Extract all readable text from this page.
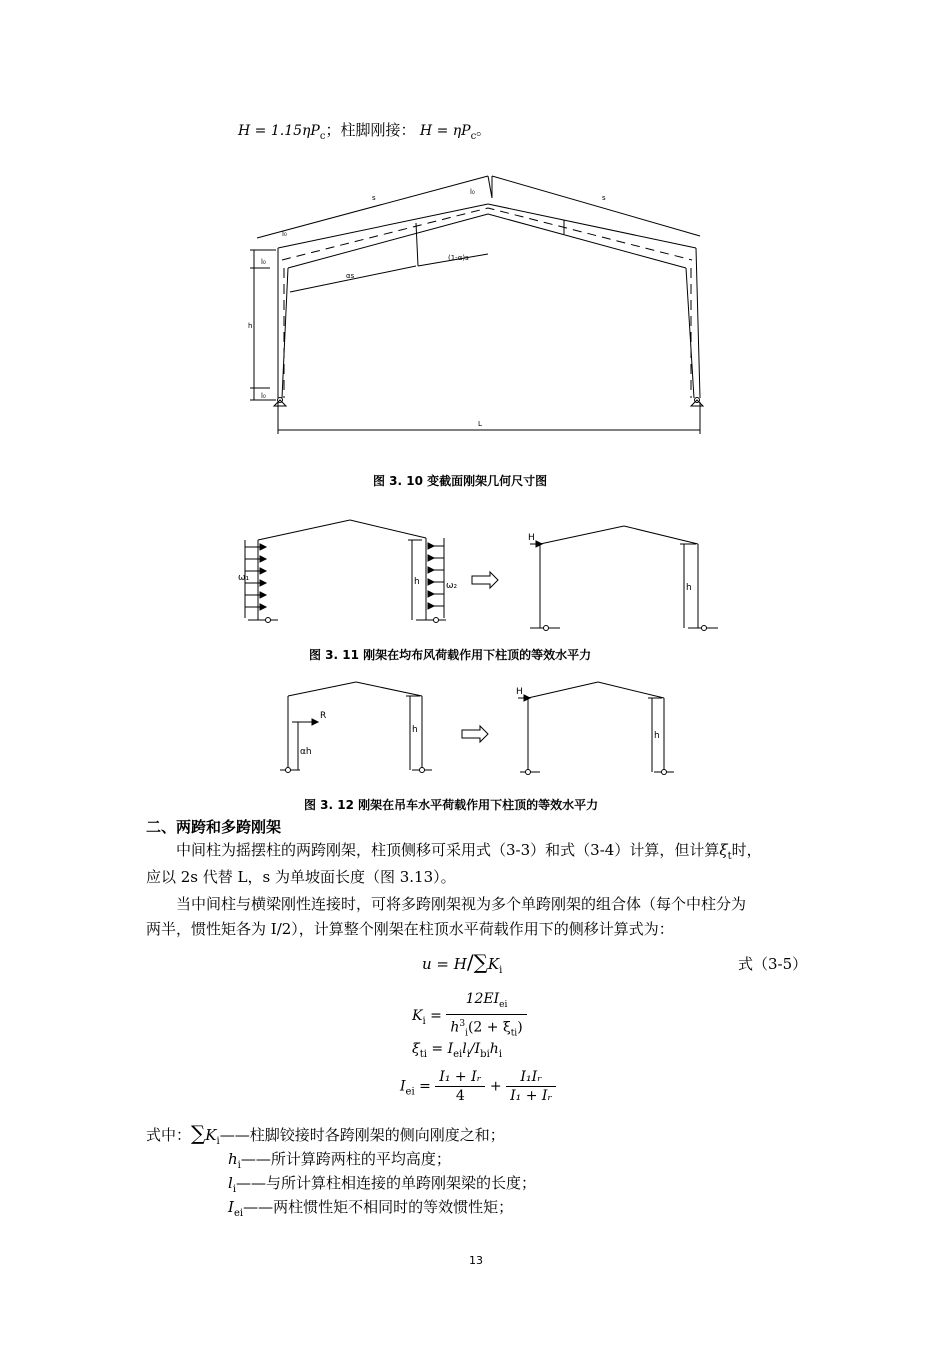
$H = 1.15\eta P_c$；柱脚刚接： $H = \eta P_c$。
s	s
l₀
l₀
l₀
l₀
h
αs
(1-α)s
L
图 3. 10 变截面刚架几何尺寸图
ω₁
ω₂
h
h
H
图 3. 11 刚架在均布风荷载作用下柱顶的等效水平力
R
αh
h
h
H
图 3. 12 刚架在吊车水平荷载作用下柱顶的等效水平力
二、两跨和多跨刚架
中间柱为摇摆柱的两跨刚架，柱顶侧移可采用式（3-3）和式（3-4）计算，但计算$\xi_t$时，
应以 2s 代替 L，s 为单坡面长度（图 3.13）。
当中间柱与横梁刚性连接时，可将多跨刚架视为多个单跨刚架的组合体（每个中柱分为
两半，惯性矩各为 I/2），计算整个刚架在柱顶水平荷载作用下的侧移计算式为：
$u = H/\sum K_i$	式（3-5）
$K_i = \frac{12EI_{ei}}{h^3_i(2 + \xi_{ti})}$
$\xi_{ti} = I_{ei}l_i/I_{bi}h_i$
$I_{ei} = \frac{\text{I₁ + Iᵣ}}{4} + \frac{\text{I₁Iᵣ}}{\text{I₁ + Iᵣ}}$
式中：$\sum K_i——$柱脚铰接时各跨刚架的侧向刚度之和；
$h_i——$所计算跨两柱的平均高度；
$l_i——$与所计算柱相连接的单跨刚架梁的长度；
$I_{ei}——$两柱惯性矩不相同时的等效惯性矩；
13
